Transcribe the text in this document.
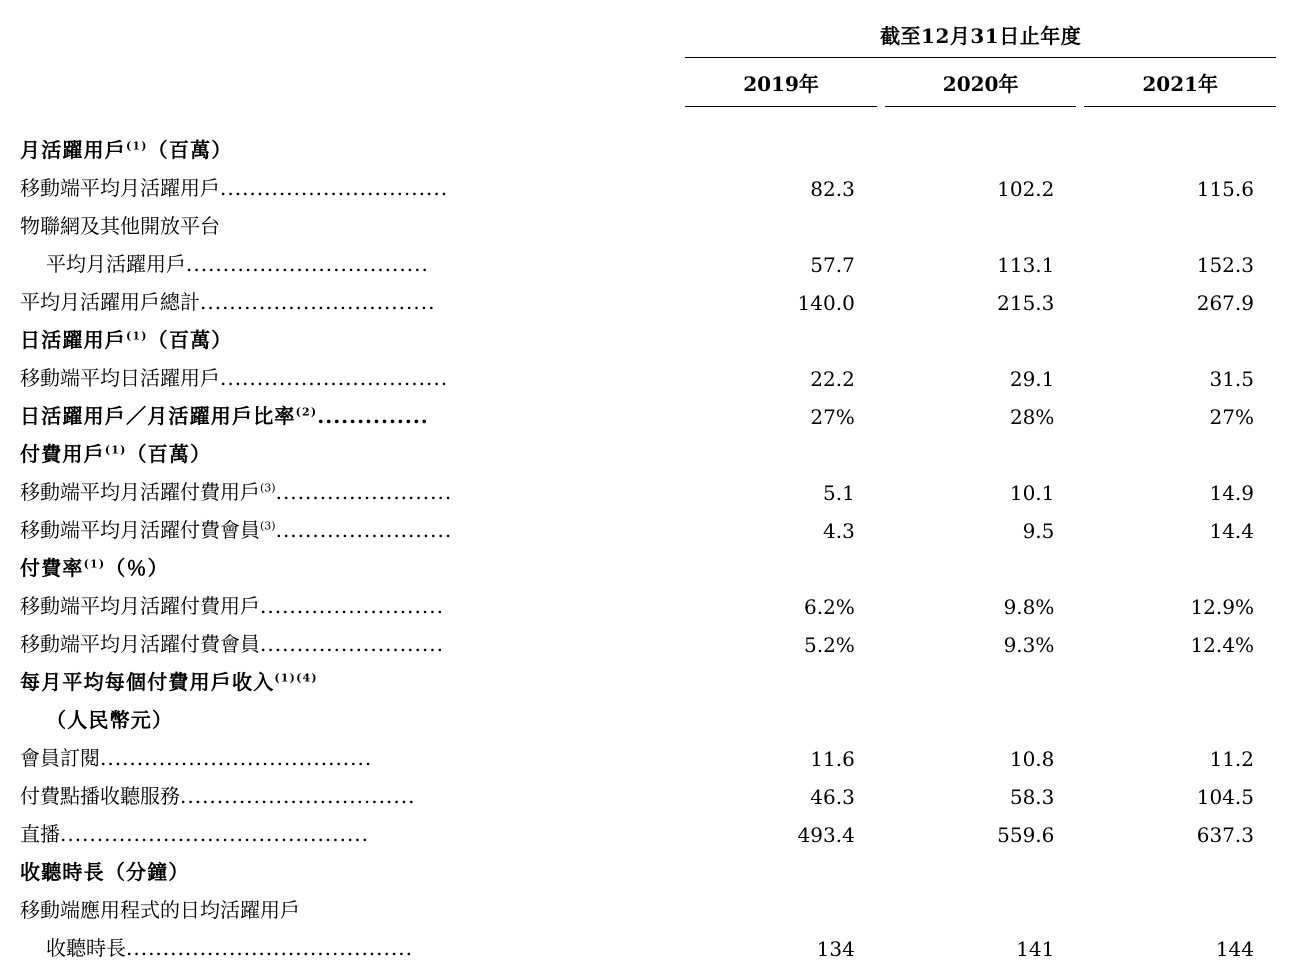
	截至12月31日止年度				
	2019年		2020年		2021年

月活躍用戶$^{(1)}$（百萬）					
移動端平均月活躍用戶...............................	82.3		102.2		115.6
物聯網及其他開放平台					
平均月活躍用戶.................................	57.7		113.1		152.3
平均月活躍用戶總計................................	140.0		215.3		267.9
日活躍用戶$^{(1)}$（百萬）					
移動端平均日活躍用戶...............................	22.2		29.1		31.5
日活躍用戶／月活躍用戶比率$^{(2)}$..............	27%		28%		27%
付費用戶$^{(1)}$（百萬）					
移動端平均月活躍付費用戶$^{(3)}$........................	5.1		10.1		14.9
移動端平均月活躍付費會員$^{(3)}$........................	4.3		9.5		14.4
付費率$^{(1)}$（％）					
移動端平均月活躍付費用戶.........................	6.2%		9.8%		12.9%
移動端平均月活躍付費會員.........................	5.2%		9.3%		12.4%
每月平均每個付費用戶收入$^{(1)(4)}$					
（人民幣元）					
會員訂閱.....................................	11.6		10.8		11.2
付費點播收聽服務................................	46.3		58.3		104.5
直播..........................................	493.4		559.6		637.3
收聽時長（分鐘）					
移動端應用程式的日均活躍用戶					
收聽時長.......................................	134		141		144
